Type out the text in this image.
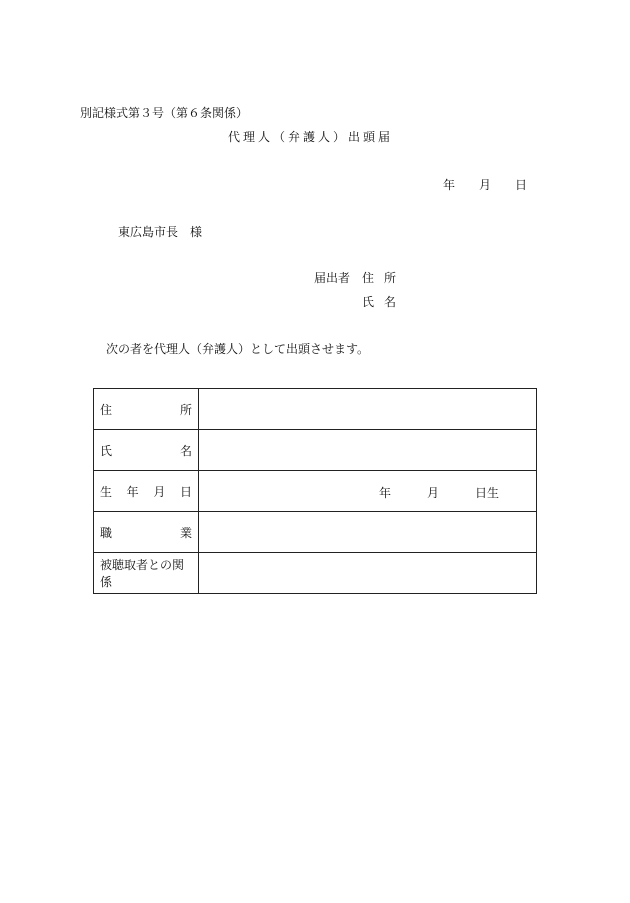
別記様式第３号（第６条関係）
代理人（弁護人）出頭届
年　　月　　日
東広島市長　様
届出者 住所
氏名
次の者を代理人（弁護人）として出頭させます。
住 所	

氏 名	

生 年 月 日	年 月 日生

職 業	

被聴取者との関係	
